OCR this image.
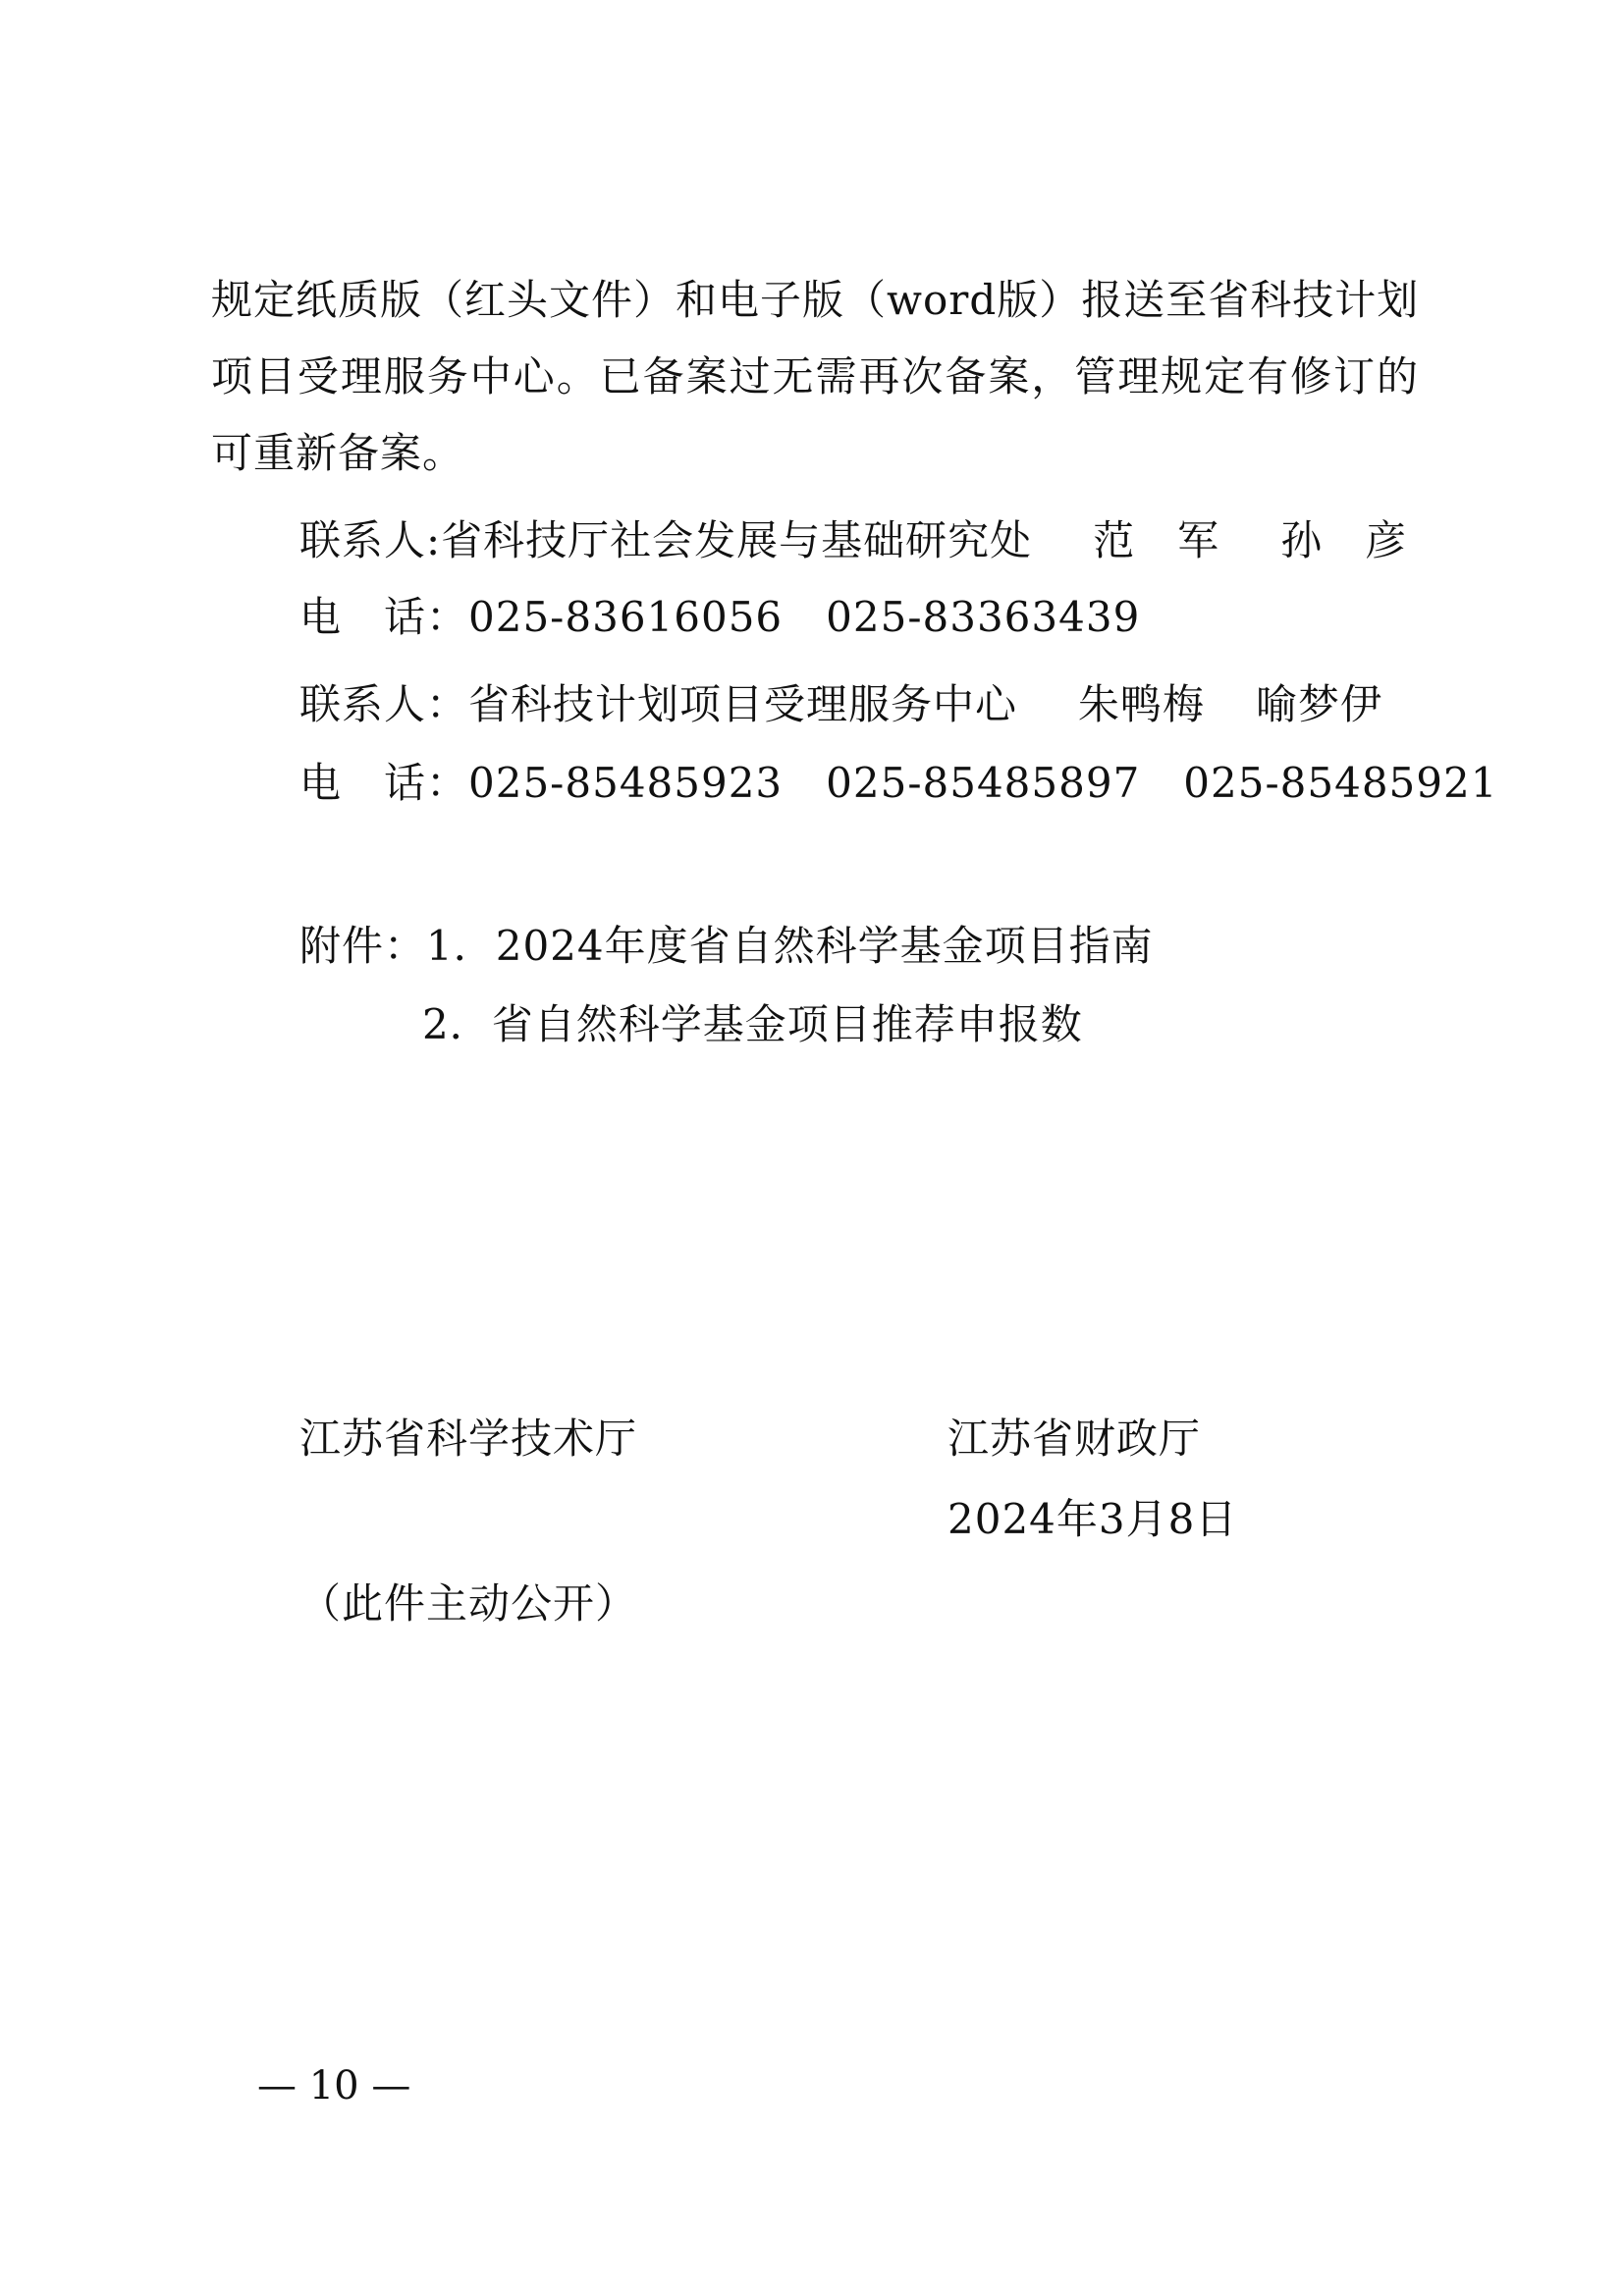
规定纸质版（红头文件）和电子版（word版）报送至省科技计划
项目受理服务中心。已备案过无需再次备案，管理规定有修订的
可重新备案。
联系人:省科技厅社会发展与基础研究处 范　军 孙　彦
电　话：025-83616056 025-83363439
联系人：省科技计划项目受理服务中心 朱鸭梅 喻梦伊
电　话：025-85485923 025-85485897 025-85485921
附件：1．2024年度省自然科学基金项目指南
2．省自然科学基金项目推荐申报数
江苏省科学技术厅	江苏省财政厅
2024年3月8日
（此件主动公开）
— 10 —
